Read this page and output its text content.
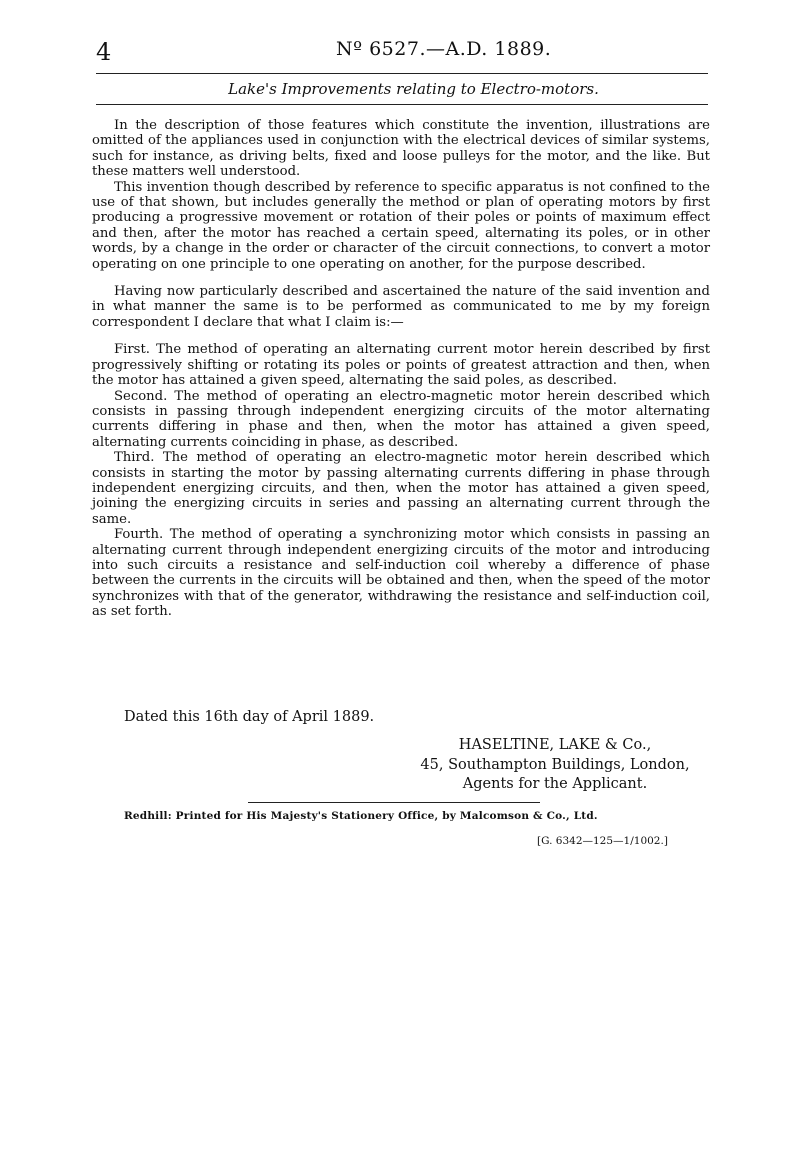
4	Nº 6527.—A.D. 1889.
Lake's Improvements relating to Electro-motors.

In the description of those features which constitute the invention, illustrations are omitted of the appliances used in conjunction with the electrical devices of similar systems, such for instance, as driving belts, fixed and loose pulleys for the motor, and the like. But these matters well understood.

This invention though described by reference to specific apparatus is not confined to the use of that shown, but includes generally the method or plan of operating motors by first producing a progressive movement or rotation of their poles or points of maximum effect and then, after the motor has reached a certain speed, alternating its poles, or in other words, by a change in the order or character of the circuit connections, to convert a motor operating on one principle to one operating on another, for the purpose described.

Having now particularly described and ascertained the nature of the said invention and in what manner the same is to be performed as communicated to me by my foreign correspondent I declare that what I claim is:—

First. The method of operating an alternating current motor herein described by first progressively shifting or rotating its poles or points of greatest attraction and then, when the motor has attained a given speed, alternating the said poles, as described.

Second. The method of operating an electro-magnetic motor herein described which consists in passing through independent energizing circuits of the motor alternating currents differing in phase and then, when the motor has attained a given speed, alternating currents coinciding in phase, as described.

Third. The method of operating an electro-magnetic motor herein described which consists in starting the motor by passing alternating currents differing in phase through independent energizing circuits, and then, when the motor has attained a given speed, joining the energizing circuits in series and passing an alternating current through the same.

Fourth. The method of operating a synchronizing motor which consists in passing an alternating current through independent energizing circuits of the motor and introducing into such circuits a resistance and self-induction coil whereby a difference of phase between the currents in the circuits will be obtained and then, when the speed of the motor synchronizes with that of the generator, withdrawing the resistance and self-induction coil, as set forth.

Dated this 16th day of April 1889.
HASELTINE, LAKE & Co.,
45, Southampton Buildings, London,
Agents for the Applicant.
Redhill: Printed for His Majesty's Stationery Office, by Malcomson & Co., Ltd.
[G. 6342—125—1/1002.]
